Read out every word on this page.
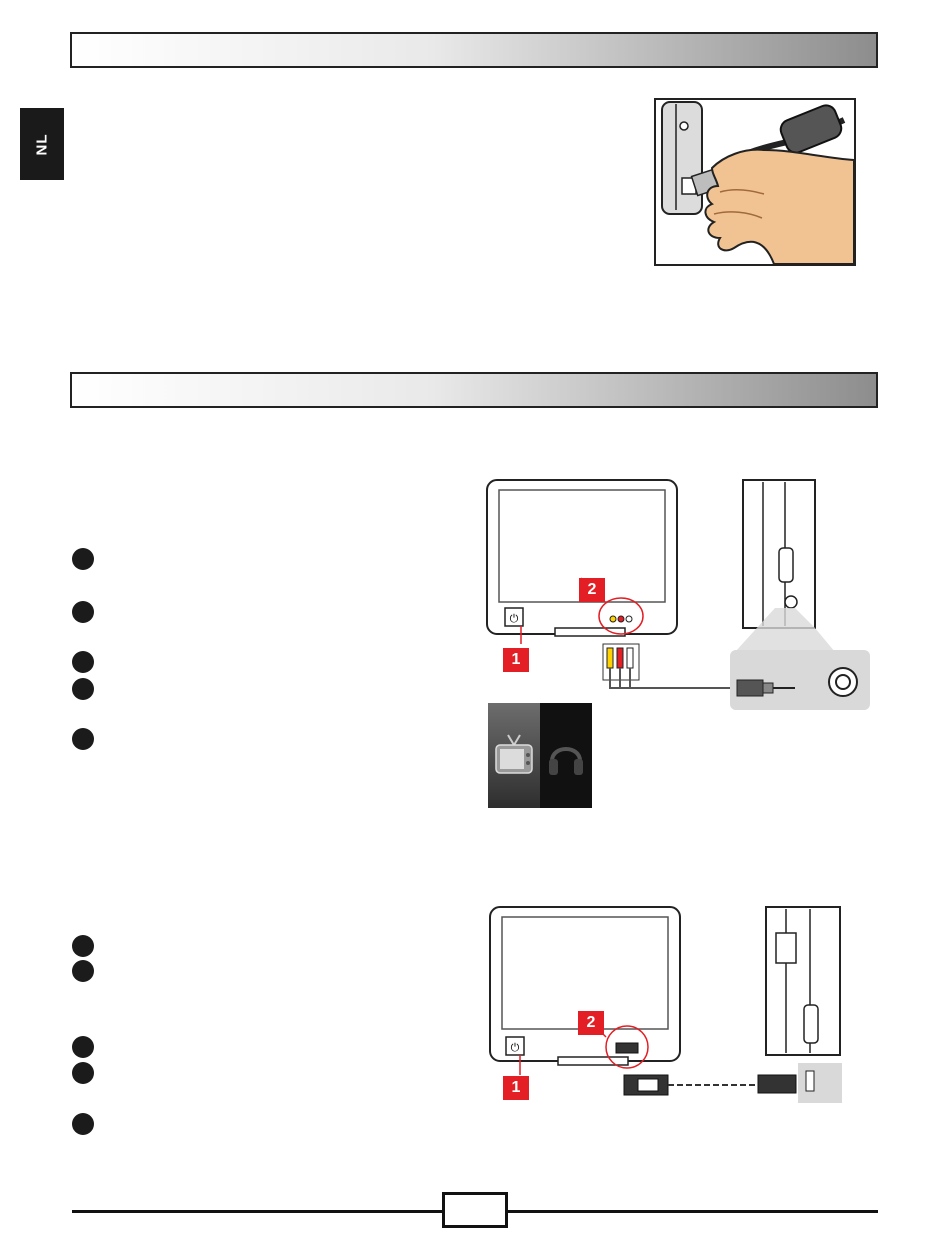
NL
⏻
2
1
⏻
2
1
